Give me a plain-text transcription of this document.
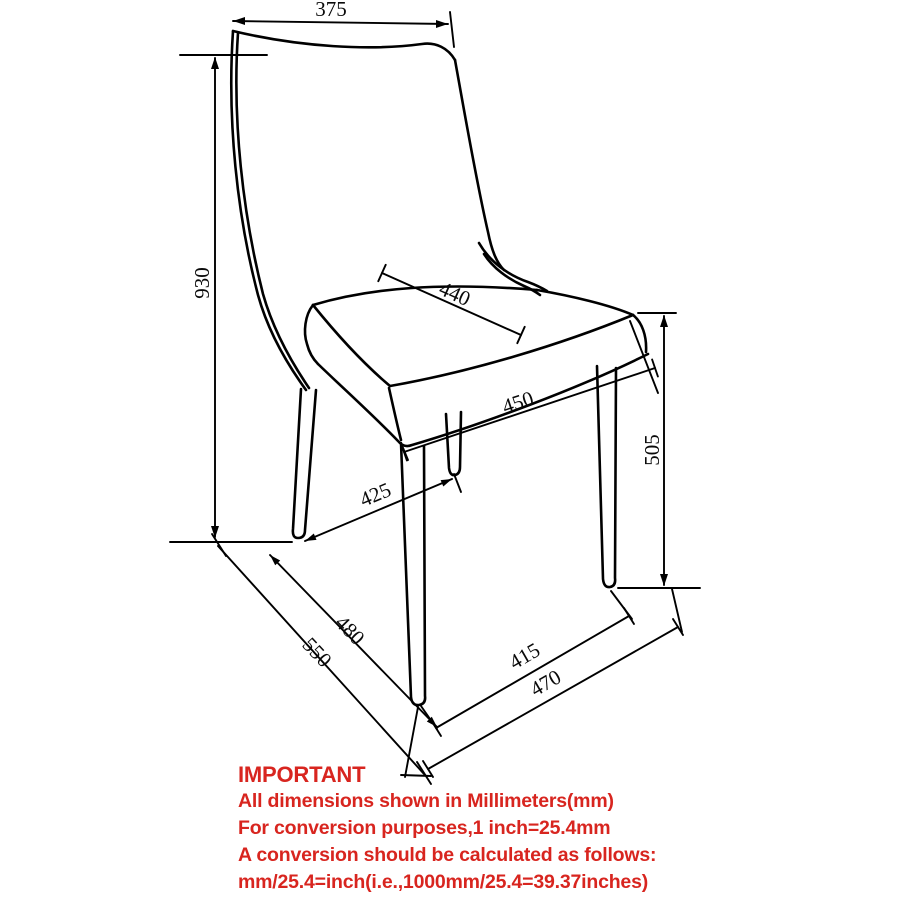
375
930	440
450
505
425
480
550	415
470
IMPORTANT
All dimensions shown in Millimeters(mm)
For conversion purposes,1 inch=25.4mm
A conversion should be calculated as follows:
mm/25.4=inch(i.e.,1000mm/25.4=39.37inches)
